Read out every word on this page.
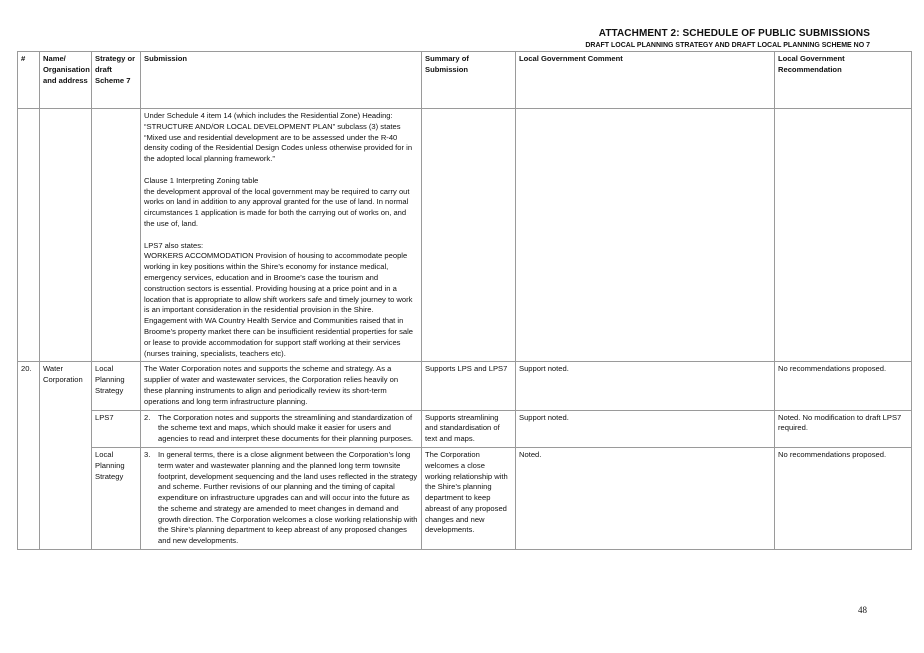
ATTACHMENT 2: SCHEDULE OF PUBLIC SUBMISSIONS
DRAFT LOCAL PLANNING STRATEGY AND DRAFT LOCAL PLANNING SCHEME NO 7
#	Name/ Organisation and address	Strategy or draft Scheme 7	Submission	Summary of Submission	Local Government Comment	Local Government Recommendation

			Under Schedule 4 item 14 (which includes the Residential Zone) Heading: “STRUCTURE AND/OR LOCAL DEVELOPMENT PLAN” subclass (3) states “Mixed use and residential development are to be assessed under the R-40 density coding of the Residential Design Codes unless otherwise provided for in the adopted local planning framework.”

Clause 1 Interpreting Zoning table
the development approval of the local government may be required to carry out works on land in addition to any approval granted for the use of land. In normal circumstances 1 application is made for both the carrying out of works on, and the use of, land.

LPS7 also states:
WORKERS ACCOMMODATION Provision of housing to accommodate people working in key positions within the Shire’s economy for instance medical, emergency services, education and in Broome’s case the tourism and construction sectors is essential. Providing housing at a price point and in a location that is appropriate to allow shift workers safe and timely journey to work is an important consideration in the residential provision in the Shire. Engagement with WA Country Health Service and Communities raised that in Broome’s property market there can be insufficient residential properties for sale or lease to provide accommodation for support staff working at their services (nurses training, specialists, teachers etc).			

20.	Water Corporation	Local Planning Strategy	The Water Corporation notes and supports the scheme and strategy. As a supplier of water and wastewater services, the Corporation relies heavily on these planning instruments to align and periodically review its short-term operations and long term infrastructure planning.	Supports LPS and LPS7	Support noted.	No recommendations proposed.
		LPS7	2. The Corporation notes and supports the streamlining and standardization of the scheme text and maps, which should make it easier for users and agencies to read and interpret these documents for their planning purposes.	Supports streamlining and standardisation of text and maps.	Support noted.	Noted. No modification to draft LPS7 required.
		Local Planning Strategy	3. In general terms, there is a close alignment between the Corporation’s long term water and wastewater planning and the planned long term townsite footprint, development sequencing and the land uses reflected in the strategy and scheme. Further revisions of our planning and the timing of capital expenditure on infrastructure upgrades can and will occur into the future as the scheme and strategy are amended to meet changes in demand and growth direction. The Corporation welcomes a close working relationship with the Shire’s planning department to keep abreast of any proposed changes and new developments.	The Corporation welcomes a close working relationship with the Shire’s planning department to keep abreast of any proposed changes and new developments.	Noted.	No recommendations proposed.
48
